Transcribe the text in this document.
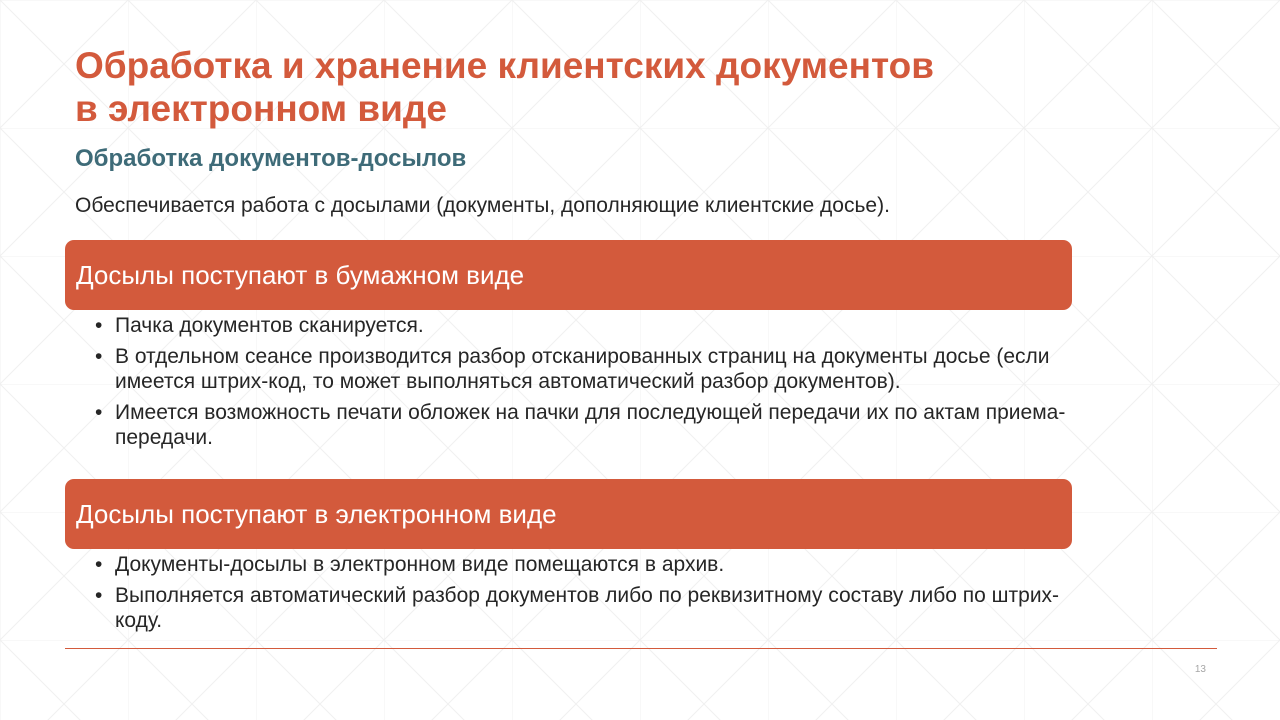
Обработка и хранение клиентских документов
в электронном виде
Обработка документов-досылов
Обеспечивается работа с досылами (документы, дополняющие клиентские досье).
Досылы поступают в бумажном виде
• Пачка документов сканируется.
• В отдельном сеансе производится разбор отсканированных страниц на документы досье (если имеется штрих-код, то может выполняться автоматический разбор документов).
• Имеется возможность печати обложек на пачки для последующей передачи их по актам приема-передачи.
Досылы поступают в электронном виде
• Документы-досылы в электронном виде помещаются в архив.
• Выполняется автоматический разбор документов либо по реквизитному составу либо по штрих-коду.
13
